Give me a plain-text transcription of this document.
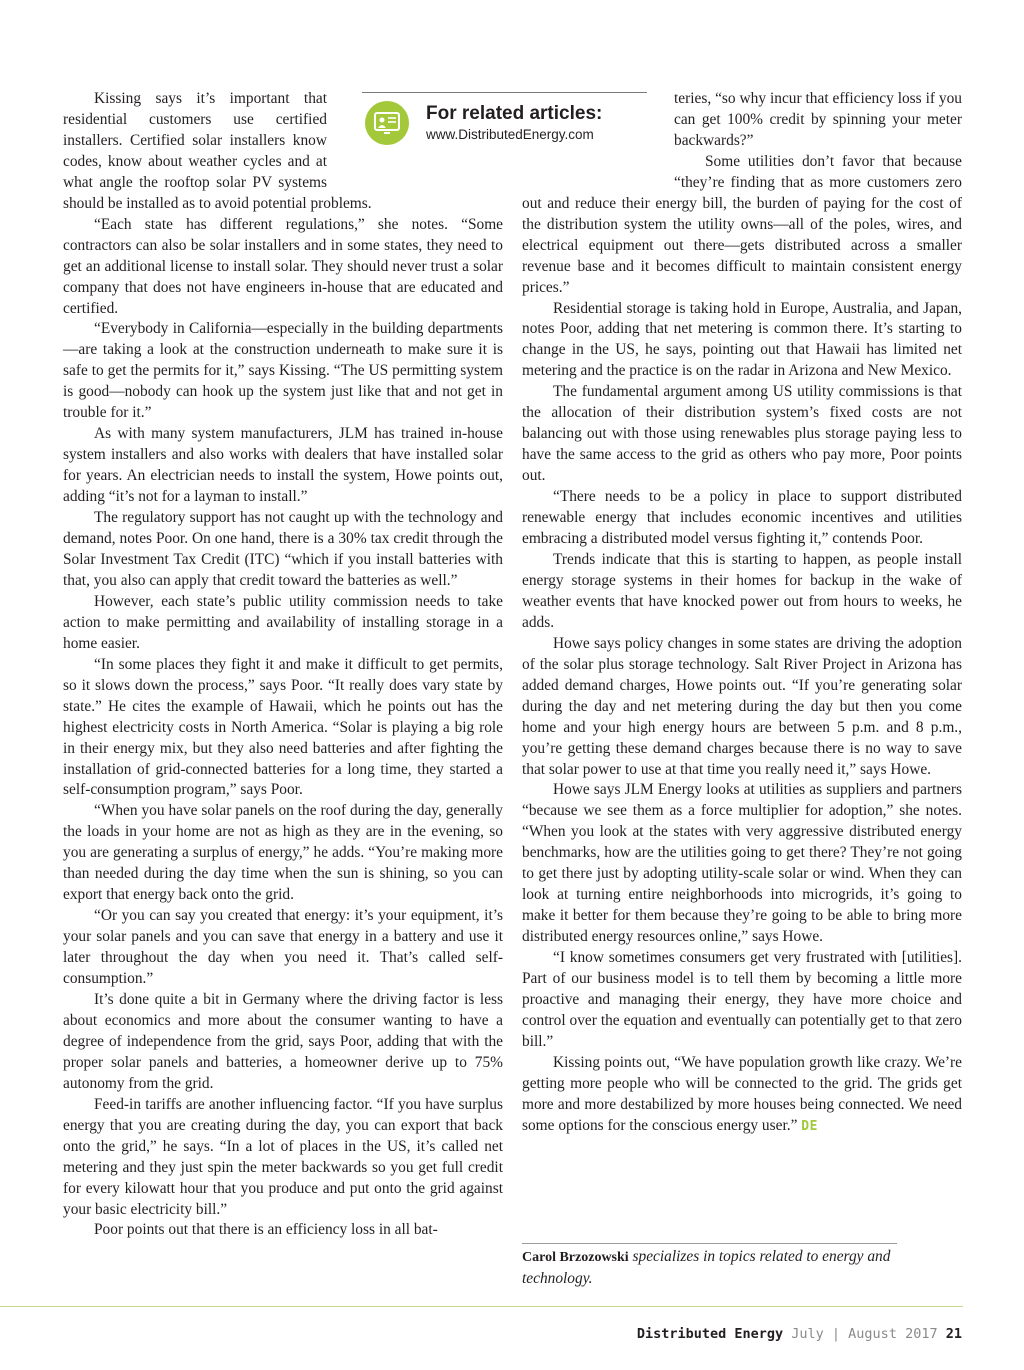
Kissing says it’s important that residential customers use certified installers. Certified solar installers know codes, know about weather cycles and at what angle the rooftop solar PV systems should be installed as to avoid potential problems.

“Each state has different regulations,” she notes. “Some contractors can also be solar installers and in some states, they need to get an additional license to install solar. They should never trust a solar company that does not have engineers in-house that are educated and certified.

“Everybody in California—especially in the building departments—are taking a look at the construction underneath to make sure it is safe to get the permits for it,” says Kissing. “The US permitting system is good—nobody can hook up the system just like that and not get in trouble for it.”

As with many system manufacturers, JLM has trained in-house system installers and also works with dealers that have installed solar for years. An electrician needs to install the system, Howe points out, adding “it’s not for a layman to install.”

The regulatory support has not caught up with the technology and demand, notes Poor. On one hand, there is a 30% tax credit through the Solar Investment Tax Credit (ITC) “which if you install batteries with that, you also can apply that credit toward the batteries as well.”

However, each state’s public utility commission needs to take action to make permitting and availability of installing storage in a home easier.

“In some places they fight it and make it difficult to get permits, so it slows down the process,” says Poor. “It really does vary state by state.” He cites the example of Hawaii, which he points out has the highest electricity costs in North America. “Solar is playing a big role in their energy mix, but they also need batteries and after fighting the installation of grid-connected batteries for a long time, they started a self-consumption program,” says Poor.

“When you have solar panels on the roof during the day, generally the loads in your home are not as high as they are in the evening, so you are generating a surplus of energy,” he adds. “You’re making more than needed during the day time when the sun is shining, so you can export that energy back onto the grid.

“Or you can say you created that energy: it’s your equipment, it’s your solar panels and you can save that energy in a battery and use it later throughout the day when you need it. That’s called self-consumption.”

It’s done quite a bit in Germany where the driving factor is less about economics and more about the consumer wanting to have a degree of independence from the grid, says Poor, adding that with the proper solar panels and batteries, a homeowner derive up to 75% autonomy from the grid.

Feed-in tariffs are another influencing factor. “If you have surplus energy that you are creating during the day, you can export that back onto the grid,” he says. “In a lot of places in the US, it’s called net metering and they just spin the meter backwards so you get full credit for every kilowatt hour that you produce and put onto the grid against your basic electricity bill.”

Poor points out that there is an efficiency loss in all bat-

For related articles:
www.DistributedEnergy.com

teries, “so why incur that efficiency loss if you can get 100% credit by spinning your meter backwards?”

Some utilities don’t favor that because “they’re finding that as more customers zero out and reduce their energy bill, the burden of paying for the cost of the distribution system the utility owns—all of the poles, wires, and electrical equipment out there—gets distributed across a smaller revenue base and it becomes difficult to maintain consistent energy prices.”

Residential storage is taking hold in Europe, Australia, and Japan, notes Poor, adding that net metering is common there. It’s starting to change in the US, he says, pointing out that Hawaii has limited net metering and the practice is on the radar in Arizona and New Mexico.

The fundamental argument among US utility commissions is that the allocation of their distribution system’s fixed costs are not balancing out with those using renewables plus storage paying less to have the same access to the grid as others who pay more, Poor points out.

“There needs to be a policy in place to support distributed renewable energy that includes economic incentives and utilities embracing a distributed model versus fighting it,” contends Poor.

Trends indicate that this is starting to happen, as people install energy storage systems in their homes for backup in the wake of weather events that have knocked power out from hours to weeks, he adds.

Howe says policy changes in some states are driving the adoption of the solar plus storage technology. Salt River Project in Arizona has added demand charges, Howe points out. “If you’re generating solar during the day and net metering during the day but then you come home and your high energy hours are between 5 p.m. and 8 p.m., you’re getting these demand charges because there is no way to save that solar power to use at that time you really need it,” says Howe.

Howe says JLM Energy looks at utilities as suppliers and partners “because we see them as a force multiplier for adoption,” she notes. “When you look at the states with very aggressive distributed energy benchmarks, how are the utilities going to get there? They’re not going to get there just by adopting utility-scale solar or wind. When they can look at turning entire neighborhoods into microgrids, it’s going to make it better for them because they’re going to be able to bring more distributed energy resources online,” says Howe.

“I know sometimes consumers get very frustrated with [utilities]. Part of our business model is to tell them by becoming a little more proactive and managing their energy, they have more choice and control over the equation and eventually can potentially get to that zero bill.”

Kissing points out, “We have population growth like crazy. We’re getting more people who will be connected to the grid. The grids get more and more destabilized by more houses being connected. We need some options for the conscious energy user.” DE

Carol Brzozowski specializes in topics related to energy and technology.
Distributed Energy July | August 2017 21
